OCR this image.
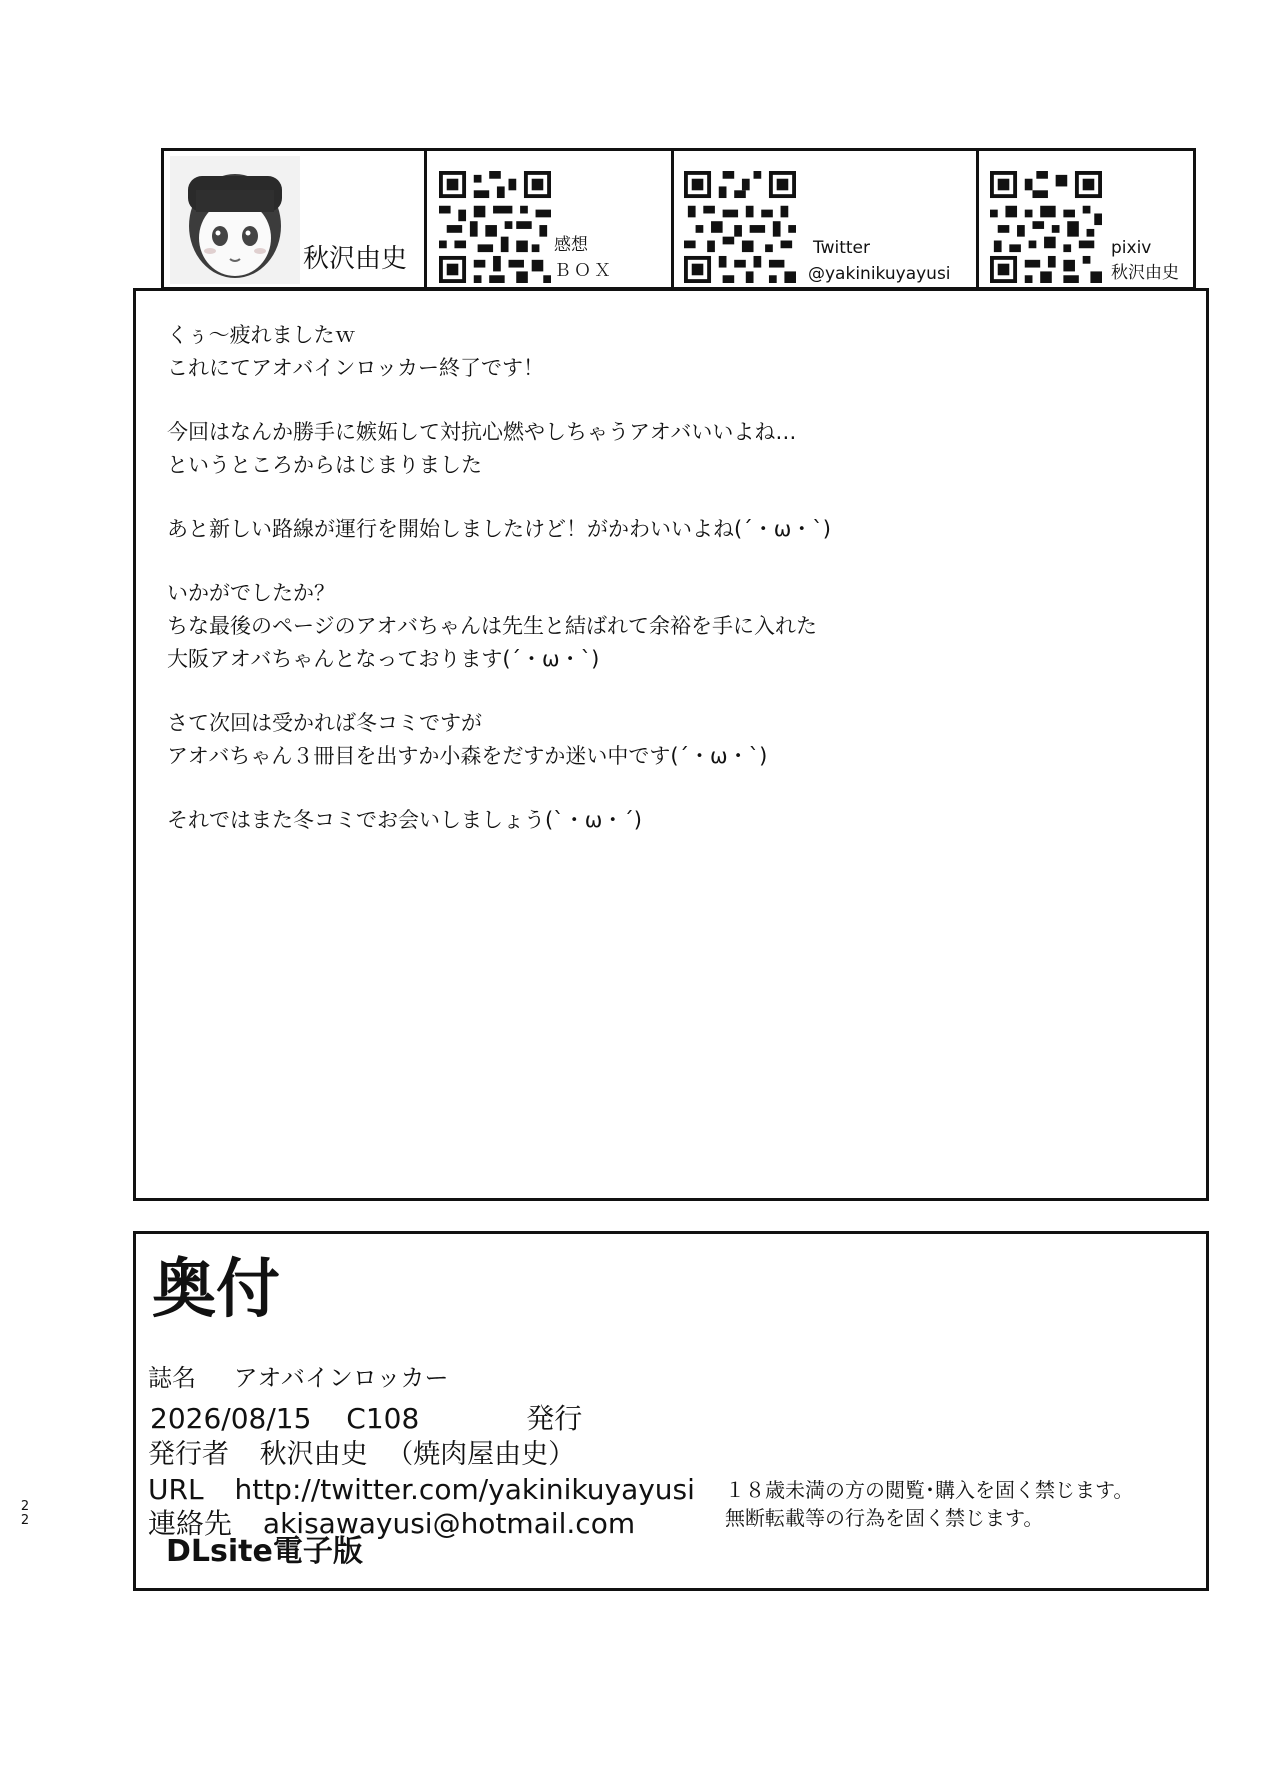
秋沢由史	感想
ＢＯＸ
Twitter
@yakinikuyayusi
pixiv
秋沢由史

くぅ～疲れましたｗ

これにてアオバインロッカー終了です！

今回はなんか勝手に嫉妬して対抗心燃やしちゃうアオバいいよね…

というところからはじまりました

あと新しい路線が運行を開始しましたけど！がかわいいよね(´・ω・`)

いかがでしたか？

ちな最後のページのアオバちゃんは先生と結ばれて余裕を手に入れた

大阪アオバちゃんとなっております(´・ω・`)

さて次回は受かれば冬コミですが

アオバちゃん３冊目を出すか小森をだすか迷い中です(´・ω・`)

それではまた冬コミでお会いしましょう(`・ω・´)

奥付
誌名 アオバインロッカー
2026/08/15 C108	発行
発行者 秋沢由史 （焼肉屋由史）
URL http://twitter.com/yakinikuyayusi
連絡先 akisawayusi@hotmail.com
１８歳未満の方の閲覧･購入を固く禁じます。
無断転載等の行為を固く禁じます。
DLsite電子版
22
